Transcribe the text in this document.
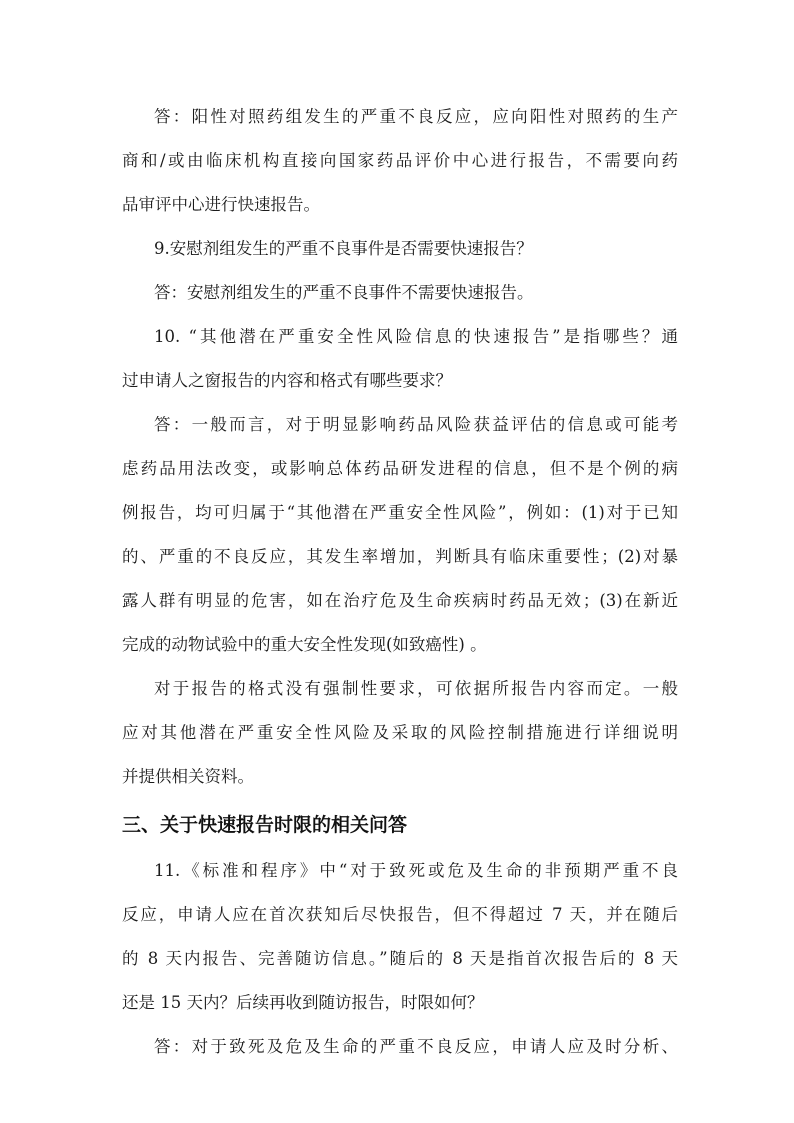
答：阳性对照药组发生的严重不良反应，应向阳性对照药的生产
商和/或由临床机构直接向国家药品评价中心进行报告，不需要向药
品审评中心进行快速报告。
9.安慰剂组发生的严重不良事件是否需要快速报告？
答：安慰剂组发生的严重不良事件不需要快速报告。
10. “其他潜在严重安全性风险信息的快速报告”是指哪些？通
过申请人之窗报告的内容和格式有哪些要求？
答：一般而言，对于明显影响药品风险获益评估的信息或可能考
虑药品用法改变，或影响总体药品研发进程的信息，但不是个例的病
例报告，均可归属于“其他潜在严重安全性风险”，例如：(1)对于已知
的、严重的不良反应，其发生率增加，判断具有临床重要性；(2)对暴
露人群有明显的危害，如在治疗危及生命疾病时药品无效；(3)在新近
完成的动物试验中的重大安全性发现(如致癌性) 。
对于报告的格式没有强制性要求，可依据所报告内容而定。一般
应对其他潜在严重安全性风险及采取的风险控制措施进行详细说明
并提供相关资料。
三、关于快速报告时限的相关问答
11.《标准和程序》中“对于致死或危及生命的非预期严重不良
反应，申请人应在首次获知后尽快报告，但不得超过 7 天，并在随后
的 8 天内报告、完善随访信息。”随后的 8 天是指首次报告后的 8 天
还是 15 天内？后续再收到随访报告，时限如何？
答：对于致死及危及生命的严重不良反应，申请人应及时分析、
